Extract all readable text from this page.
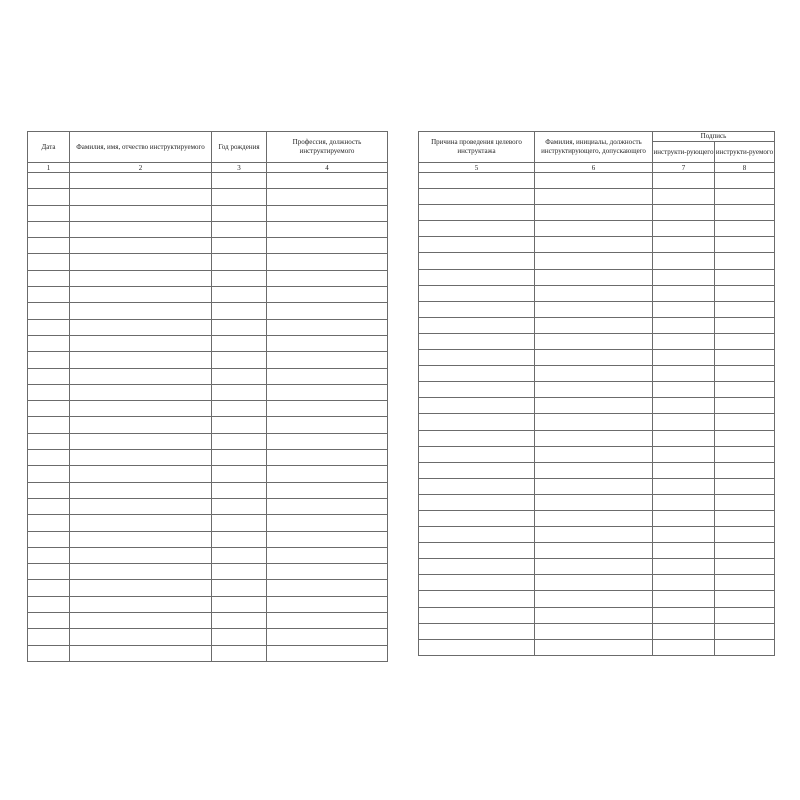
Дата	Фамилия, имя, отчество инструктируемого	Год рождения	Профессия, должность инструктируемого
1	2	3	4

Причина проведения целевого инструктажа	Фамилия, инициалы, должность инструктирующего, допускающего	Подпись	
		инструкти-рующего	инструкти-руемого
5	6	7	8
